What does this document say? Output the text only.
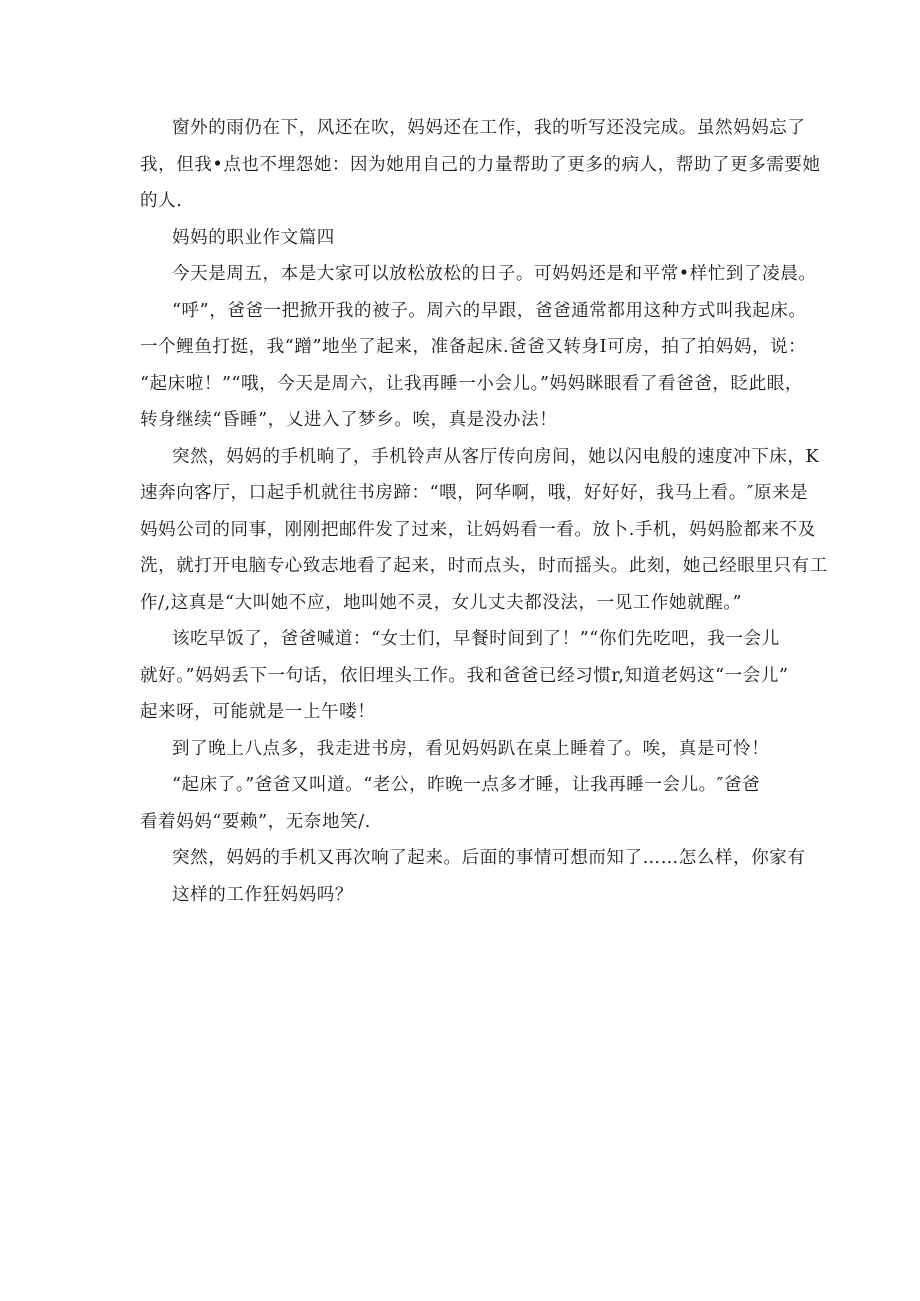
窗外的雨仍在下，风还在吹，妈妈还在工作，我的听写还没完成。虽然妈妈忘了
我，但我•点也不埋怨她：因为她用自己的力量帮助了更多的病人，帮助了更多需要她
的人.
妈妈的职业作文篇四
今天是周五，本是大家可以放松放松的日子。可妈妈还是和平常•样忙到了凌晨。
“呼”，爸爸一把掀开我的被子。周六的早跟，爸爸通常都用这种方式叫我起床。
一个鲤鱼打挺，我“蹭”地坐了起来，准备起床.爸爸又转身I可房，拍了拍妈妈，说：
“起床啦！”“哦，今天是周六，让我再睡一小会儿。”妈妈眯眼看了看爸爸，眨此眼，
转身继续“昏睡”，乂进入了梦乡。唉，真是没办法！
突然，妈妈的手机晌了，手机铃声从客厅传向房间，她以闪电般的速度冲下床，K
速奔向客厅，口起手机就往书房蹄：“喂，阿华啊，哦，好好好，我马上看。″原来是
妈妈公司的同事，刚刚把邮件发了过来，让妈妈看一看。放卜.手机，妈妈脸都来不及
洗，就打开电脑专心致志地看了起来，时而点头，时而摇头。此刻，她己经眼里只有工
作/,这真是“大叫她不应，地叫她不灵，女儿丈夫都没法，一见工作她就醒。”
该吃早饭了，爸爸喊道：“女士们，早餐时间到了！”“你们先吃吧，我一会儿
就好。”妈妈丢下一句话，依旧埋头工作。我和爸爸已经习惯r,知道老妈这“一会儿”
起来呀，可能就是一上午喽！
到了晚上八点多，我走进书房，看见妈妈趴在桌上睡着了。唉，真是可怜！
“起床了。”爸爸又叫道。“老公，昨晚一点多才睡，让我再睡一会儿。″爸爸
看着妈妈“要赖”，无奈地笑/.
突然，妈妈的手机又再次响了起来。后面的事情可想而知了……怎么样，你家有
这样的工作狂妈妈吗？
